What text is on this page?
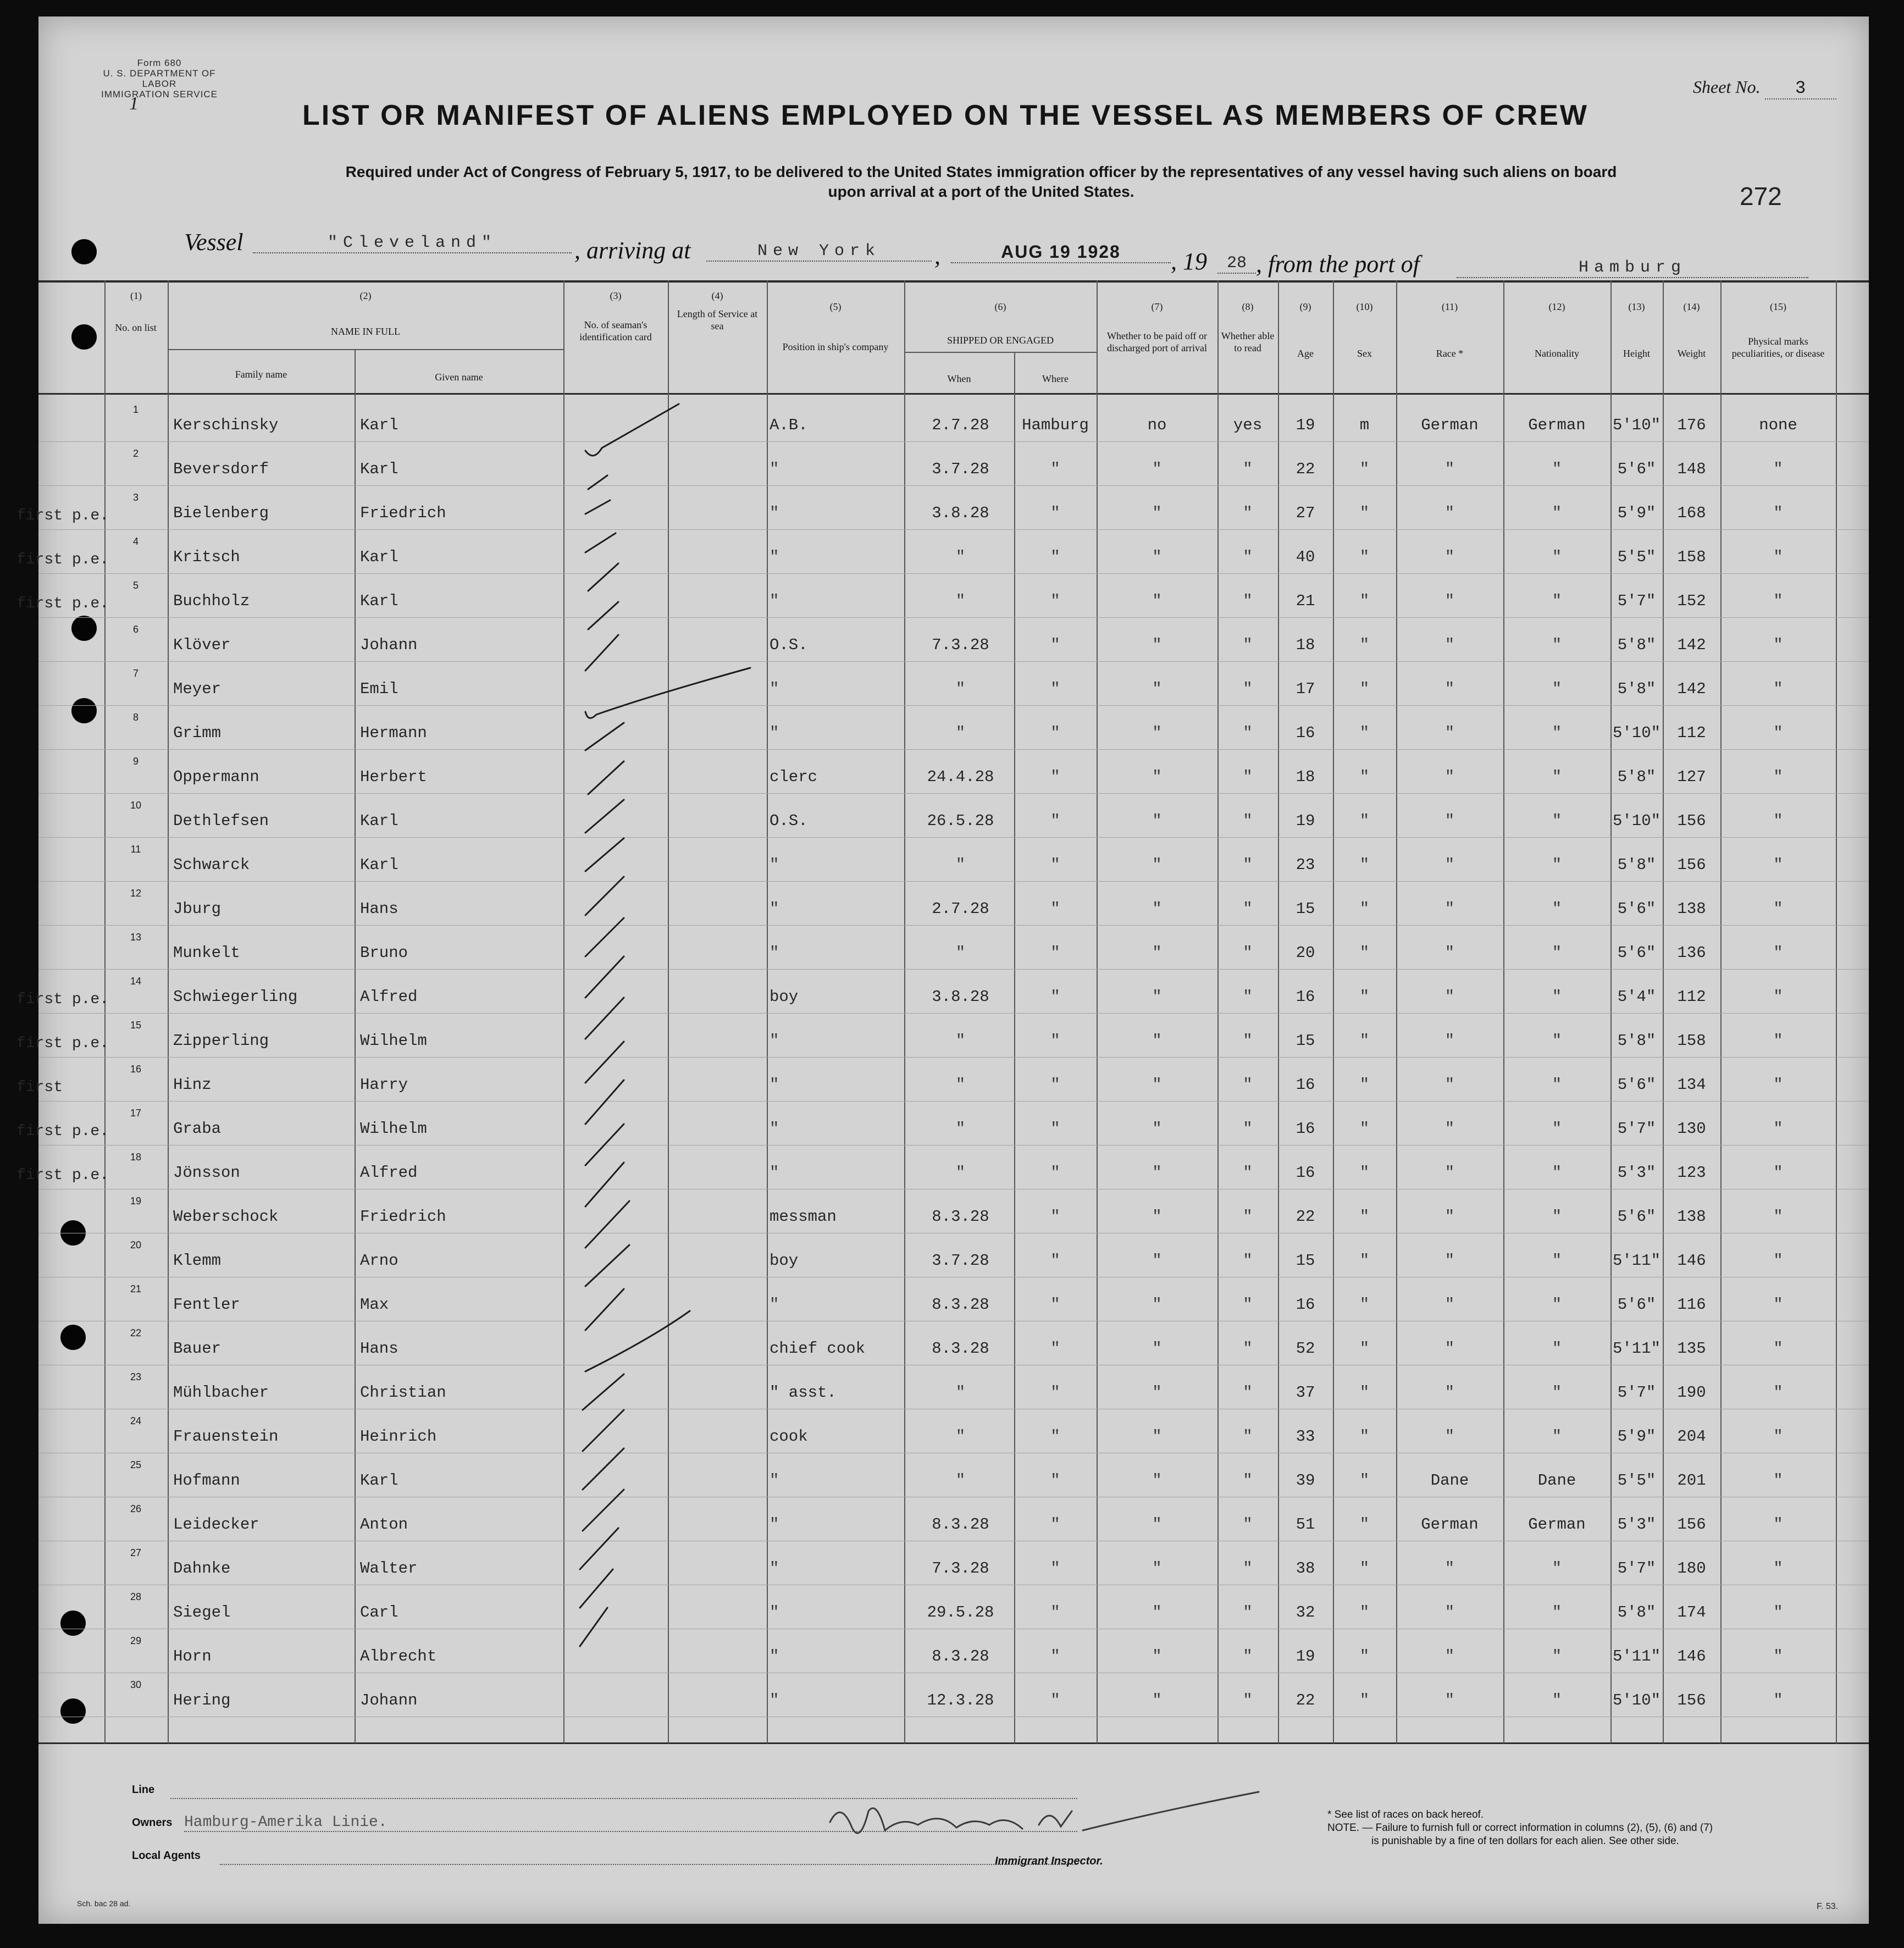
Form 680
U. S. DEPARTMENT OF LABOR
IMMIGRATION SERVICE
1	LIST OR MANIFEST OF ALIENS EMPLOYED ON THE VESSEL AS MEMBERS OF CREW
Required under Act of Congress of February 5, 1917, to be delivered to the United States immigration officer by the representatives of any vessel having such aliens on board
upon arrival at a port of the United States.
Sheet No. 3
272
Vessel	"Cleveland"	, arriving at	New York	,	AUG 19 1928	, 19	28 , from the port of	Hamburg
(1)	(2)	(3)	(4)
(5)	(6)	(7)	(8)	(9)	(10)	(11)	(12)	(13)	(14)	(15)
No. on list	NAME IN FULL
Family name	Given name
No. of seaman's identification card
Length of Service at sea
Position in ship's company
SHIPPED OR ENGAGED
When	Where
Whether to be paid off or discharged port of arrival
Whether able to read	Age	Sex	Race *	Nationality	Height	Weight
Physical marks peculiarities, or disease
1
Kerschinsky	Karl	A.B.	2.7.28	Hamburg	no	yes	19	m	German	German	5'10"	176	none
2
Beversdorf	Karl	"	3.7.28	"	"	"	22	"	"	"	5'6"	148	"
first p.e.
3
Bielenberg	Friedrich	"	3.8.28	"	"	"	27	"	"	"	5'9"	168	"
first p.e.
4
Kritsch	Karl	"	"	"	"	"	40	"	"	"	5'5"	158	"
first p.e.
5
Buchholz	Karl	"	"	"	"	"	21	"	"	"	5'7"	152	"
6
Klöver	Johann	O.S.	7.3.28	"	"	"	18	"	"	"	5'8"	142	"
7
Meyer	Emil	"	"	"	"	"	17	"	"	"	5'8"	142	"
8
Grimm	Hermann	"	"	"	"	"	16	"	"	"	5'10"	112	"
9
Oppermann	Herbert	clerc	24.4.28	"	"	"	18	"	"	"	5'8"	127	"
10
Dethlefsen	Karl	O.S.	26.5.28	"	"	"	19	"	"	"	5'10"	156	"
11
Schwarck	Karl	"	"	"	"	"	23	"	"	"	5'8"	156	"
12
Jburg	Hans	"	2.7.28	"	"	"	15	"	"	"	5'6"	138	"
13
Munkelt	Bruno	"	"	"	"	"	20	"	"	"	5'6"	136	"
first p.e.
14
Schwiegerling	Alfred	boy	3.8.28	"	"	"	16	"	"	"	5'4"	112	"
first p.e.
15
Zipperling	Wilhelm	"	"	"	"	"	15	"	"	"	5'8"	158	"
first
16
Hinz	Harry	"	"	"	"	"	16	"	"	"	5'6"	134	"
first p.e.
17
Graba	Wilhelm	"	"	"	"	"	16	"	"	"	5'7"	130	"
first p.e.
18
Jönsson	Alfred	"	"	"	"	"	16	"	"	"	5'3"	123	"
19
Weberschock	Friedrich	messman	8.3.28	"	"	"	22	"	"	"	5'6"	138	"
20
Klemm	Arno	boy	3.7.28	"	"	"	15	"	"	"	5'11"	146	"
21
Fentler	Max	"	8.3.28	"	"	"	16	"	"	"	5'6"	116	"
22
Bauer	Hans	chief cook	8.3.28	"	"	"	52	"	"	"	5'11"	135	"
23
Mühlbacher	Christian	" asst.	"	"	"	"	37	"	"	"	5'7"	190	"
24
Frauenstein	Heinrich	cook	"	"	"	"	33	"	"	"	5'9"	204	"
25
Hofmann	Karl	"	"	"	"	"	39	"	Dane	Dane	5'5"	201	"
26
Leidecker	Anton	"	8.3.28	"	"	"	51	"	German	German	5'3"	156	"
27
Dahnke	Walter	"	7.3.28	"	"	"	38	"	"	"	5'7"	180	"
28
Siegel	Carl	"	29.5.28	"	"	"	32	"	"	"	5'8"	174	"
29
Horn	Albrecht	"	8.3.28	"	"	"	19	"	"	"	5'11"	146	"
30
Hering	Johann	"	12.3.28	"	"	"	22	"	"	"	5'10"	156	"
Line
Owners Hamburg-Amerika Linie.
Local Agents	Immigrant Inspector.
* See list of races on back hereof.
NOTE. — Failure to furnish full or correct information in columns (2), (5), (6) and (7)
is punishable by a fine of ten dollars for each alien. See other side.
Sch. bac 28 ad.	F. 53.
